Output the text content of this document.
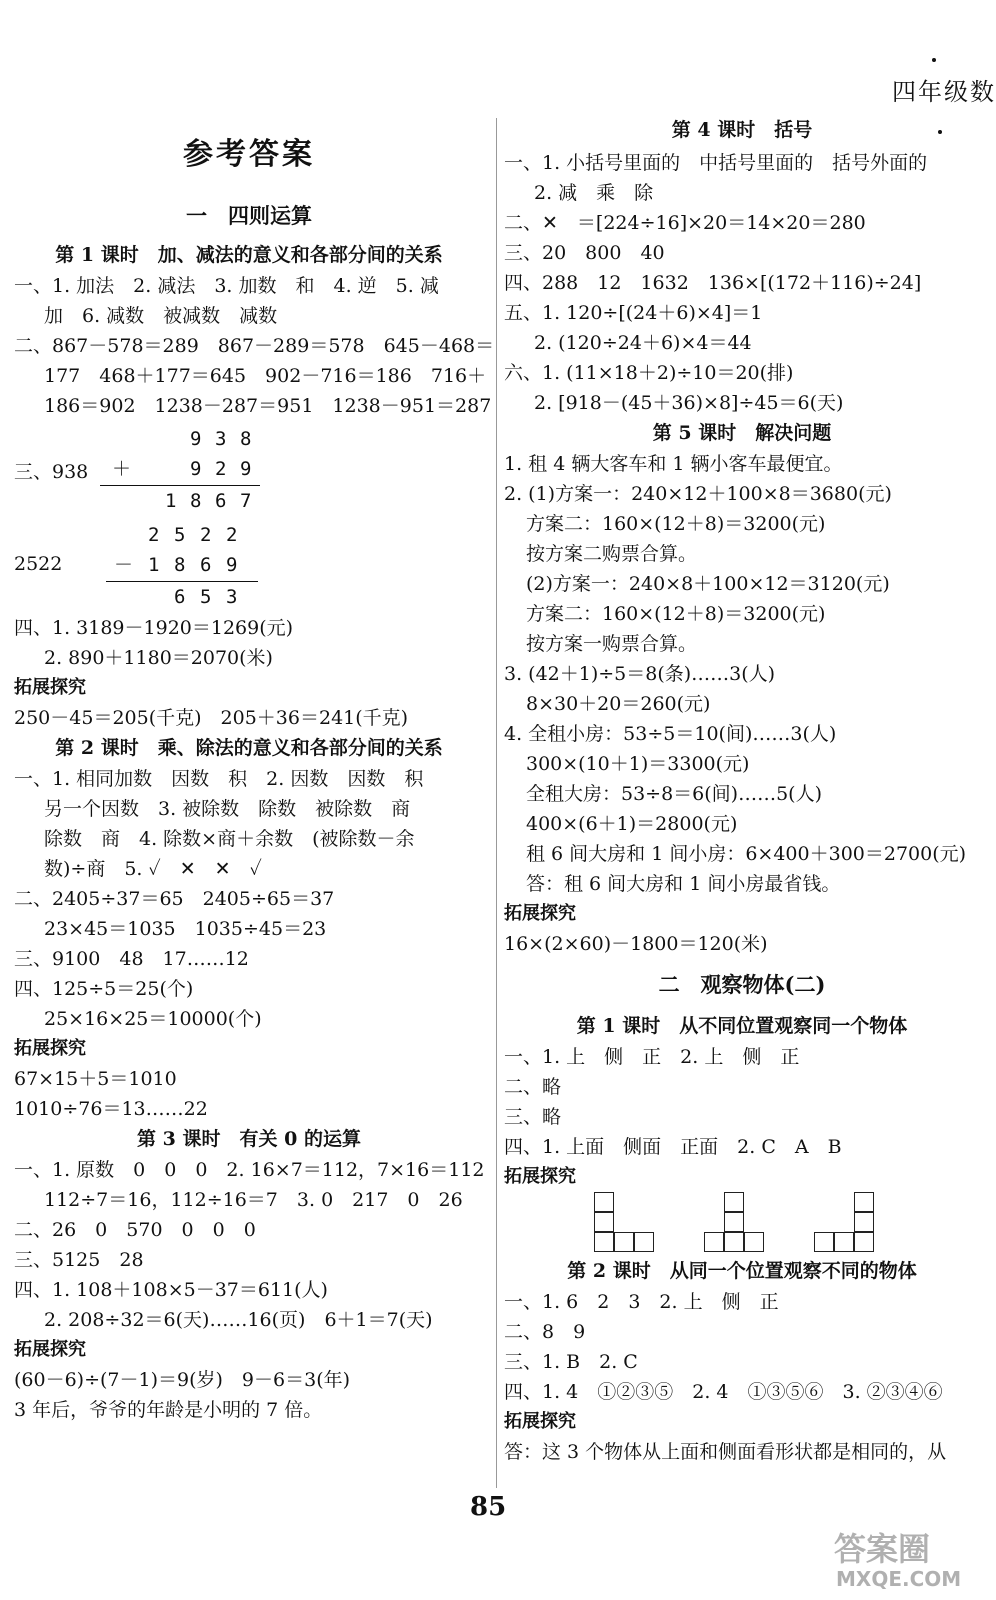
四年级数
参考答案
一　四则运算
第 1 课时　加、减法的意义和各部分间的关系
一、1. 加法　2. 减法　3. 加数　和　4. 逆　5. 减
加　6. 减数　被减数　减数
二、867－578＝289　867－289＝578　645－468＝
177　468＋177＝645　902－716＝186　716＋
186＝902　1238－287＝951　1238－951＝287
三、938
9 3 8
＋	9 2 9
1 8 6 7
2522
2 5 2 2
－ 1 8 6 9
6 5 3
四、1. 3189－1920＝1269(元)
2. 890＋1180＝2070(米)
拓展探究
250－45＝205(千克)　205＋36＝241(千克)
第 2 课时　乘、除法的意义和各部分间的关系
一、1. 相同加数　因数　积　2. 因数　因数　积
另一个因数　3. 被除数　除数　被除数　商
除数　商　4. 除数×商＋余数　(被除数－余
数)÷商　5. ✓　✕　✕　✓
二、2405÷37＝65　2405÷65＝37
23×45＝1035　1035÷45＝23
三、9100　48　17……12
四、125÷5＝25(个)
25×16×25＝10000(个)
拓展探究
67×15＋5＝1010
1010÷76＝13……22
第 3 课时　有关 0 的运算
一、1. 原数　0　0　0　2. 16×7＝112，7×16＝112
112÷7＝16，112÷16＝7　3. 0　217　0　26
二、26　0　570　0　0　0
三、5125　28
四、1. 108＋108×5－37＝611(人)
2. 208÷32＝6(天)……16(页)　6＋1＝7(天)
拓展探究
(60－6)÷(7－1)＝9(岁)　9－6＝3(年)
3 年后，爷爷的年龄是小明的 7 倍。
第 4 课时　括号
一、1. 小括号里面的　中括号里面的　括号外面的
2. 减　乘　除
二、✕　＝[224÷16]×20＝14×20＝280
三、20　800　40
四、288　12　1632　136×[(172＋116)÷24]
五、1. 120÷[(24＋6)×4]＝1
2. (120÷24＋6)×4＝44
六、1. (11×18＋2)÷10＝20(排)
2. [918－(45＋36)×8]÷45＝6(天)
第 5 课时　解决问题
1. 租 4 辆大客车和 1 辆小客车最便宜。
2. (1)方案一：240×12＋100×8＝3680(元)
方案二：160×(12＋8)＝3200(元)
按方案二购票合算。
(2)方案一：240×8＋100×12＝3120(元)
方案二：160×(12＋8)＝3200(元)
按方案一购票合算。
3. (42＋1)÷5＝8(条)……3(人)
8×30＋20＝260(元)
4. 全租小房：53÷5＝10(间)……3(人)
300×(10＋1)＝3300(元)
全租大房：53÷8＝6(间)……5(人)
400×(6＋1)＝2800(元)
租 6 间大房和 1 间小房：6×400＋300＝2700(元)
答：租 6 间大房和 1 间小房最省钱。
拓展探究
16×(2×60)－1800＝120(米)
二　观察物体(二)
第 1 课时　从不同位置观察同一个物体
一、1. 上　侧　正　2. 上　侧　正
二、略
三、略
四、1. 上面　侧面　正面　2. C　A　B
拓展探究
第 2 课时　从同一个位置观察不同的物体
一、1. 6　2　3　2. 上　侧　正
二、8　9
三、1. B　2. C
四、1. 4　①②③⑤　2. 4　①③⑤⑥　3. ②③④⑥
拓展探究
答：这 3 个物体从上面和侧面看形状都是相同的，从
85
答案圈
MXQE.COM
